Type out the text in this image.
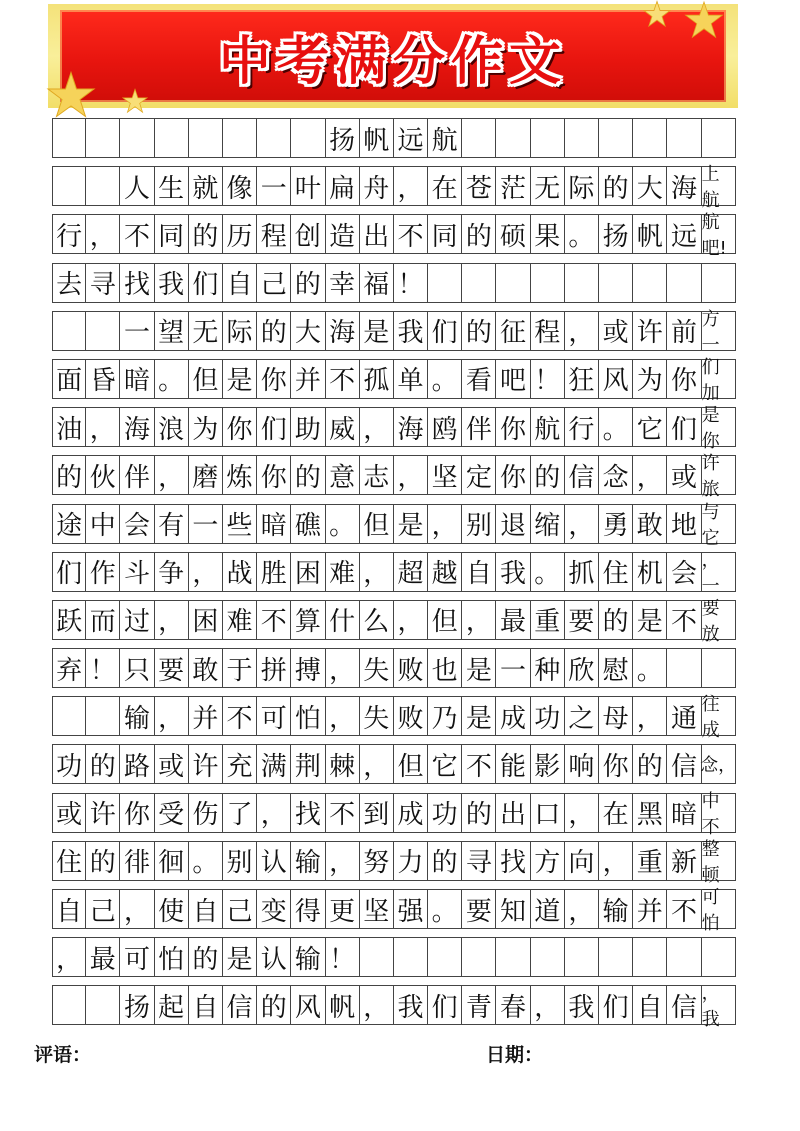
中考满分作文
扬 帆 远 航
人 生 就 像 一 叶 扁 舟 ， 在 苍 茫 无 际 的 大 海 上航
行 ， 不 同 的 历 程 创 造 出 不 同 的 硕 果 。 扬 帆 远 航吧!
去 寻 找 我 们 自 己 的 幸 福 ！
一 望 无 际 的 大 海 是 我 们 的 征 程 ， 或 许 前 方一
面 昏 暗 。 但 是 你 并 不 孤 单 。 看 吧 ！ 狂 风 为 你 们加
油 ， 海 浪 为 你 们 助 威 ， 海 鸥 伴 你 航 行 。 它 们 是你
的 伙 伴 ， 磨 炼 你 的 意 志 ， 坚 定 你 的 信 念 ， 或 许旅
途 中 会 有 一 些 暗 礁 。 但 是 ， 别 退 缩 ， 勇 敢 地 与它
们 作 斗 争 ， 战 胜 困 难 ， 超 越 自 我 。 抓 住 机 会 ，一
跃 而 过 ， 困 难 不 算 什 么 ， 但 ， 最 重 要 的 是 不 要放
弃 ！ 只 要 敢 于 拼 搏 ， 失 败 也 是 一 种 欣 慰 。
输 ， 并 不 可 怕 ， 失 败 乃 是 成 功 之 母 ， 通 往成
功 的 路 或 许 充 满 荆 棘 ， 但 它 不 能 影 响 你 的 信 念，
或 许 你 受 伤 了 ， 找 不 到 成 功 的 出 口 ， 在 黑 暗 中不
住 的 徘 徊 。 别 认 输 ， 努 力 的 寻 找 方 向 ， 重 新 整顿
自 己 ， 使 自 己 变 得 更 坚 强 。 要 知 道 ， 输 并 不 可怕
， 最 可 怕 的 是 认 输 ！
扬 起 自 信 的 风 帆 ， 我 们 青 春 ， 我 们 自 信 ，我
评语：	日期：
